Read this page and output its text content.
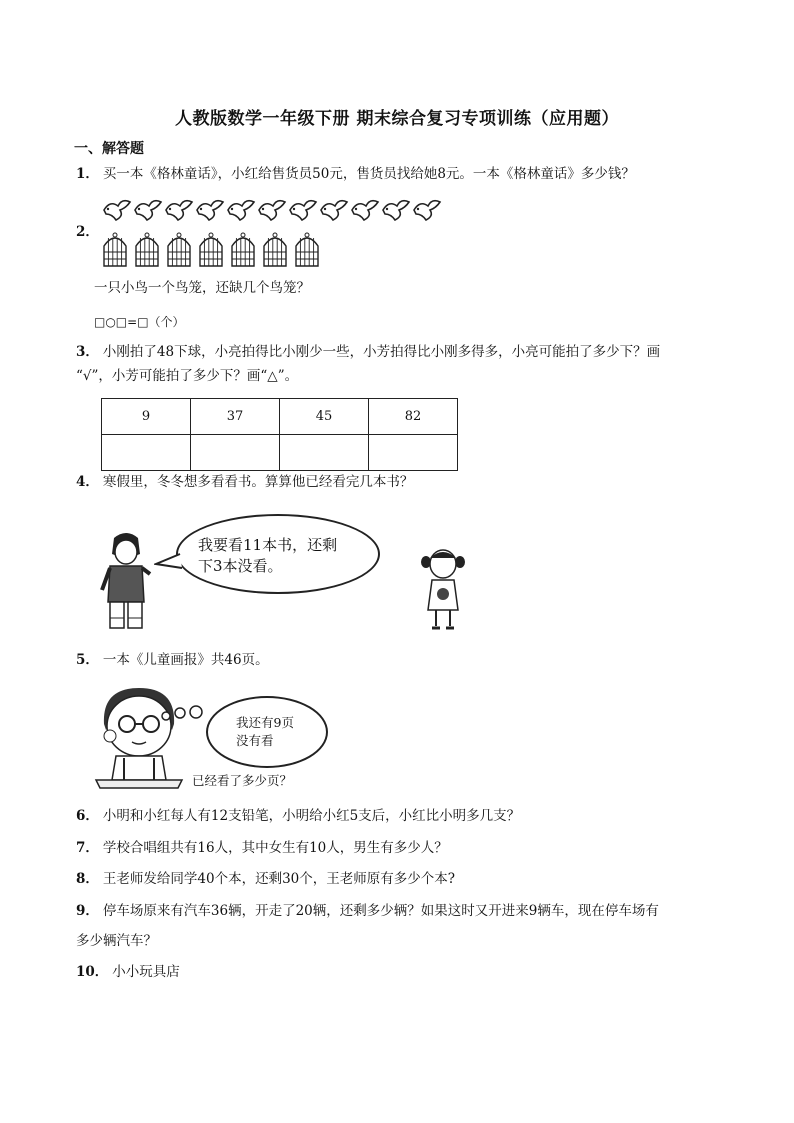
人教版数学一年级下册 期末综合复习专项训练（应用题）
一、解答题
1． 买一本《格林童话》，小红给售货员50元，售货员找给她8元。一本《格林童话》多少钱？
2．
一只小鸟一个鸟笼，还缺几个鸟笼？
□○□=□（个）
3． 小刚拍了48下球，小亮拍得比小刚少一些，小芳拍得比小刚多得多，小亮可能拍了多少下？画
“√”，小芳可能拍了多少下？画“△”。
9	37	45	82

4． 寒假里，冬冬想多看看书。算算他已经看完几本书？
我要看11本书，还剩
下3本没看。
5． 一本《儿童画报》共46页。
我还有9页
没有看
已经看了多少页？
6． 小明和小红每人有12支铅笔，小明给小红5支后，小红比小明多几支？
7． 学校合唱组共有16人，其中女生有10人，男生有多少人？
8． 王老师发给同学40个本，还剩30个，王老师原有多少个本?
9． 停车场原来有汽车36辆，开走了20辆，还剩多少辆？如果这时又开进来9辆车，现在停车场有
多少辆汽车？
10． 小小玩具店
